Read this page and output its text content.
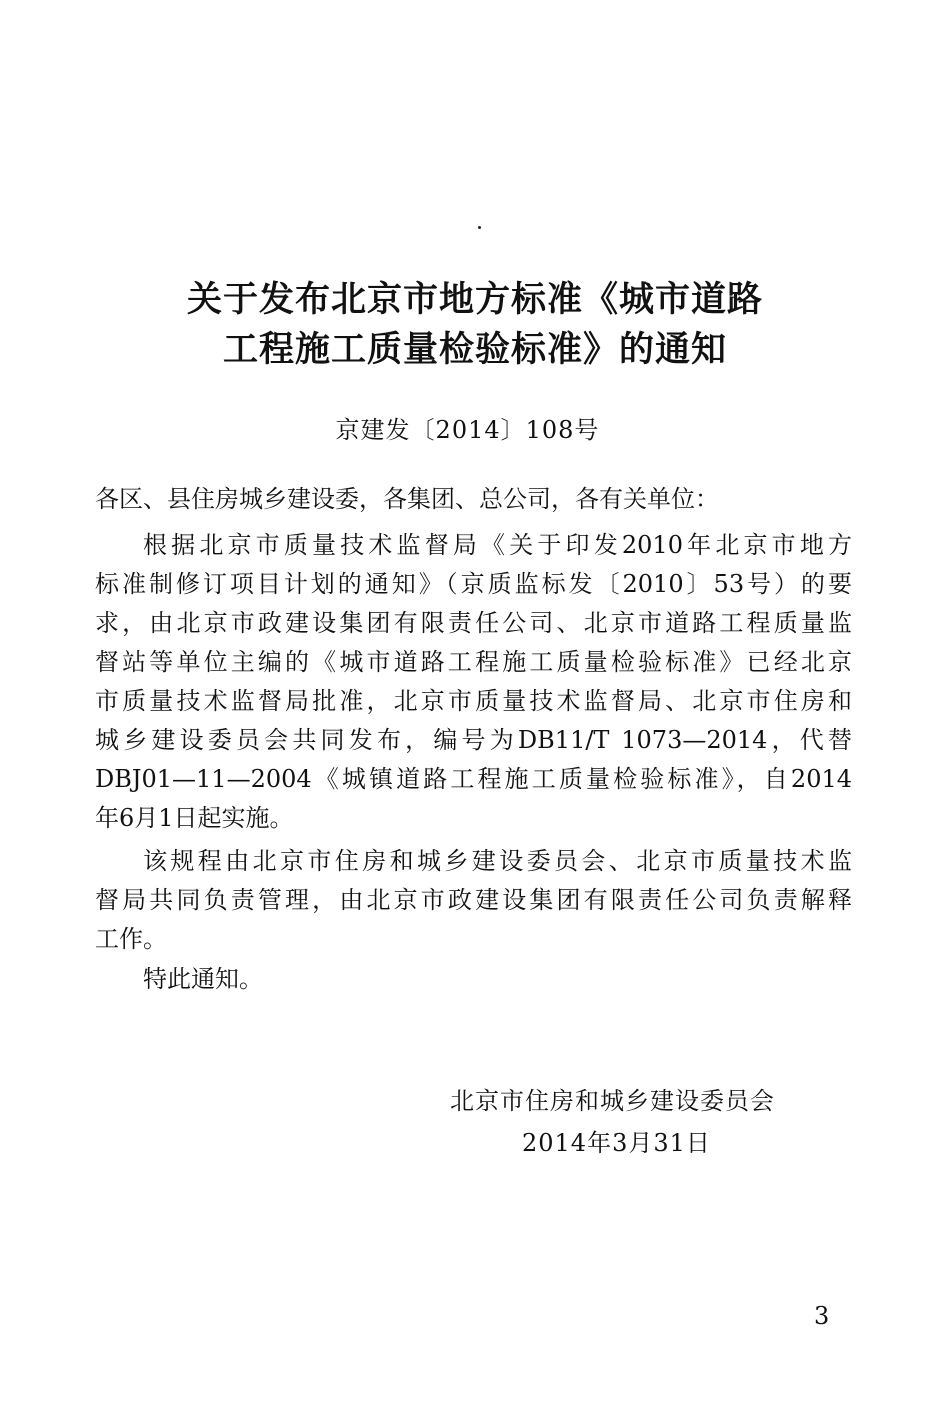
关于发布北京市地方标准《城市道路
工程施工质量检验标准》的通知
京建发〔2014〕108号
各区、县住房城乡建设委，各集团、总公司，各有关单位：
根据北京市质量技术监督局《关于印发2010年北京市地方
标准制修订项目计划的通知》（京质监标发〔2010〕53号）的要
求，由北京市政建设集团有限责任公司、北京市道路工程质量监
督站等单位主编的《城市道路工程施工质量检验标准》已经北京
市质量技术监督局批准，北京市质量技术监督局、北京市住房和
城乡建设委员会共同发布，编号为DB11/T 1073—2014，代替
DBJ01—11—2004《城镇道路工程施工质量检验标准》，自2014
年6月1日起实施。
该规程由北京市住房和城乡建设委员会、北京市质量技术监
督局共同负责管理，由北京市政建设集团有限责任公司负责解释
工作。
特此通知。
北京市住房和城乡建设委员会
2014年3月31日
3
